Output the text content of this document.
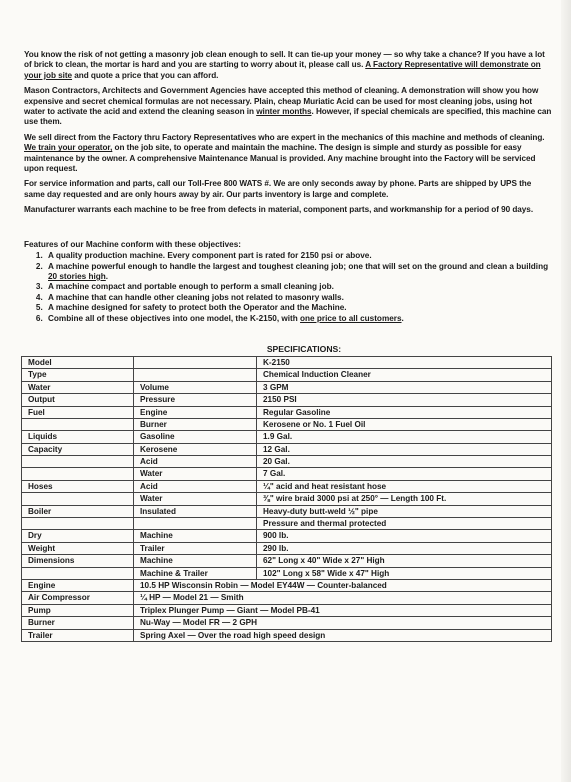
You know the risk of not getting a masonry job clean enough to sell. It can tie-up your money — so why take a chance? If you have a lot of brick to clean, the mortar is hard and you are starting to worry about it, please call us. A Factory Representative will demonstrate on your job site and quote a price that you can afford.

Mason Contractors, Architects and Government Agencies have accepted this method of cleaning. A demonstration will show you how expensive and secret chemical formulas are not necessary. Plain, cheap Muriatic Acid can be used for most cleaning jobs, using hot water to activate the acid and extend the cleaning season in winter months. However, if special chemicals are specified, this machine can use them.

We sell direct from the Factory thru Factory Representatives who are expert in the mechanics of this machine and methods of cleaning. We train your operator, on the job site, to operate and maintain the machine. The design is simple and sturdy as possible for easy maintenance by the owner. A comprehensive Maintenance Manual is provided. Any machine brought into the Factory will be serviced upon request.

For service information and parts, call our Toll-Free 800 WATS #. We are only seconds away by phone. Parts are shipped by UPS the same day requested and are only hours away by air. Our parts inventory is large and complete.

Manufacturer warrants each machine to be free from defects in material, component parts, and workmanship for a period of 90 days.

Features of our Machine conform with these objectives:
1. A quality production machine. Every component part is rated for 2150 psi or above.
2. A machine powerful enough to handle the largest and toughest cleaning job; one that will set on the ground and clean a building 20 stories high.
3. A machine compact and portable enough to perform a small cleaning job.
4. A machine that can handle other cleaning jobs not related to masonry walls.
5. A machine designed for safety to protect both the Operator and the Machine.
6. Combine all of these objectives into one model, the K-2150, with one price to all customers.
SPECIFICATIONS:
Model		K-2150
Type		Chemical Induction Cleaner
Water	Volume	3 GPM
Output	Pressure	2150 PSI
Fuel	Engine	Regular Gasoline
	Burner	Kerosene or No. 1 Fuel Oil
Liquids	Gasoline	1.9 Gal.
Capacity	Kerosene	12 Gal.
	Acid	20 Gal.
	Water	7 Gal.
Hoses	Acid	¼" acid and heat resistant hose
	Water	⅜" wire braid 3000 psi at 250° — Length 100 Ft.
Boiler	Insulated	Heavy-duty butt-weld ½" pipe
		Pressure and thermal protected
Dry	Machine	900 lb.
Weight	Trailer	290 lb.
Dimensions	Machine	62" Long x 40" Wide x 27" High
	Machine & Trailer	102" Long x 58" Wide x 47" High
Engine	10.5 HP Wisconsin Robin — Model EY44W — Counter-balanced	
Air Compressor	¼ HP — Model 21 — Smith	
Pump	Triplex Plunger Pump — Giant — Model PB-41	
Burner	Nu-Way — Model FR — 2 GPH	
Trailer	Spring Axel — Over the road high speed design	
